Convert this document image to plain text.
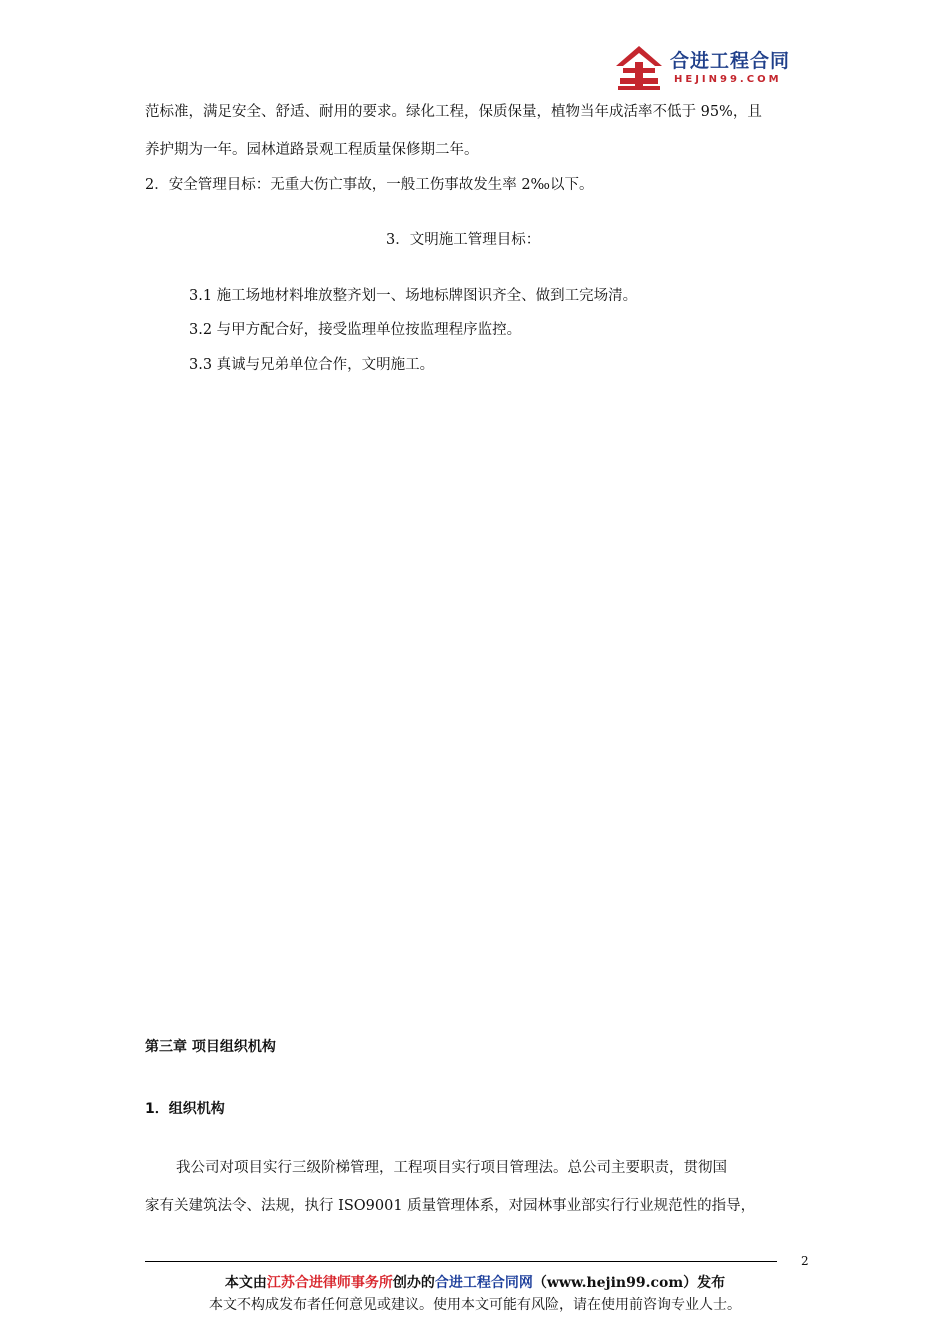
合进工程合同
HEJIN99.COM
范标准，满足安全、舒适、耐用的要求。绿化工程，保质保量，植物当年成活率不低于 95%，且
养护期为一年。园林道路景观工程质量保修期二年。
2．安全管理目标：无重大伤亡事故，一般工伤事故发生率 2‰以下。
3．文明施工管理目标：
3.1 施工场地材料堆放整齐划一、场地标牌图识齐全、做到工完场清。
3.2 与甲方配合好，接受监理单位按监理程序监控。
3.3 真诚与兄弟单位合作，文明施工。
第三章 项目组织机构
1．组织机构
我公司对项目实行三级阶梯管理，工程项目实行项目管理法。总公司主要职责，贯彻国
家有关建筑法令、法规，执行 ISO9001 质量管理体系，对园林事业部实行行业规范性的指导，
2
本文由江苏合进律师事务所创办的合进工程合同网（www.hejin99.com）发布
本文不构成发布者任何意见或建议。使用本文可能有风险，请在使用前咨询专业人士。
